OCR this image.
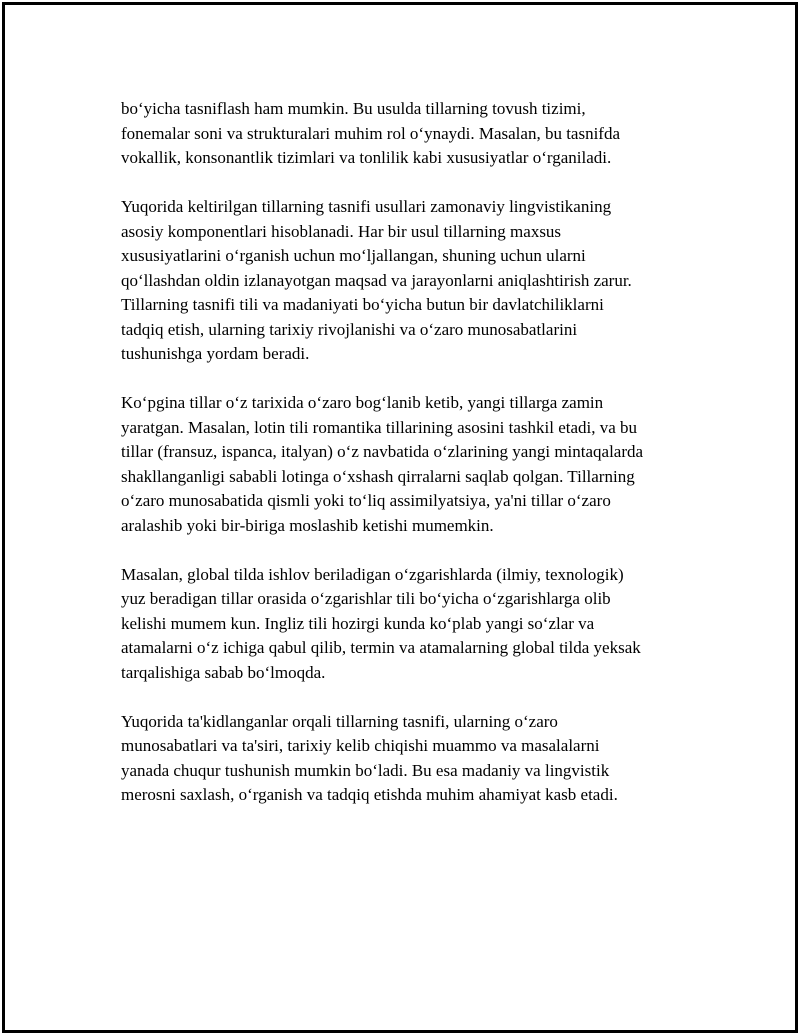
bo‘yicha tasniflash ham mumkin. Bu usulda tillarning tovush tizimi,
fonemalar soni va strukturalari muhim rol o‘ynaydi. Masalan, bu tasnifda
vokallik, konsonantlik tizimlari va tonlilik kabi xususiyatlar o‘rganiladi.

Yuqorida keltirilgan tillarning tasnifi usullari zamonaviy lingvistikaning
asosiy komponentlari hisoblanadi. Har bir usul tillarning maxsus
xususiyatlarini o‘rganish uchun mo‘ljallangan, shuning uchun ularni
qo‘llashdan oldin izlanayotgan maqsad va jarayonlarni aniqlashtirish zarur.
Tillarning tasnifi tili va madaniyati bo‘yicha butun bir davlatchiliklarni
tadqiq etish, ularning tarixiy rivojlanishi va o‘zaro munosabatlarini
tushunishga yordam beradi.

Ko‘pgina tillar o‘z tarixida o‘zaro bog‘lanib ketib, yangi tillarga zamin
yaratgan. Masalan, lotin tili romantika tillarining asosini tashkil etadi, va bu
tillar (fransuz, ispanca, italyan) o‘z navbatida o‘zlarining yangi mintaqalarda
shakllanganligi sababli lotinga o‘xshash qirralarni saqlab qolgan. Tillarning
o‘zaro munosabatida qismli yoki to‘liq assimilyatsiya, ya'ni tillar o‘zaro
aralashib yoki bir-biriga moslashib ketishi mumemkin.

Masalan, global tilda ishlov beriladigan o‘zgarishlarda (ilmiy, texnologik)
yuz beradigan tillar orasida o‘zgarishlar tili bo‘yicha o‘zgarishlarga olib
kelishi mumem kun. Ingliz tili hozirgi kunda ko‘plab yangi so‘zlar va
atamalarni o‘z ichiga qabul qilib, termin va atamalarning global tilda yeksak
tarqalishiga sabab bo‘lmoqda.

Yuqorida ta'kidlanganlar orqali tillarning tasnifi, ularning o‘zaro
munosabatlari va ta'siri, tarixiy kelib chiqishi muammo va masalalarni
yanada chuqur tushunish mumkin bo‘ladi. Bu esa madaniy va lingvistik
merosni saxlash, o‘rganish va tadqiq etishda muhim ahamiyat kasb etadi.
